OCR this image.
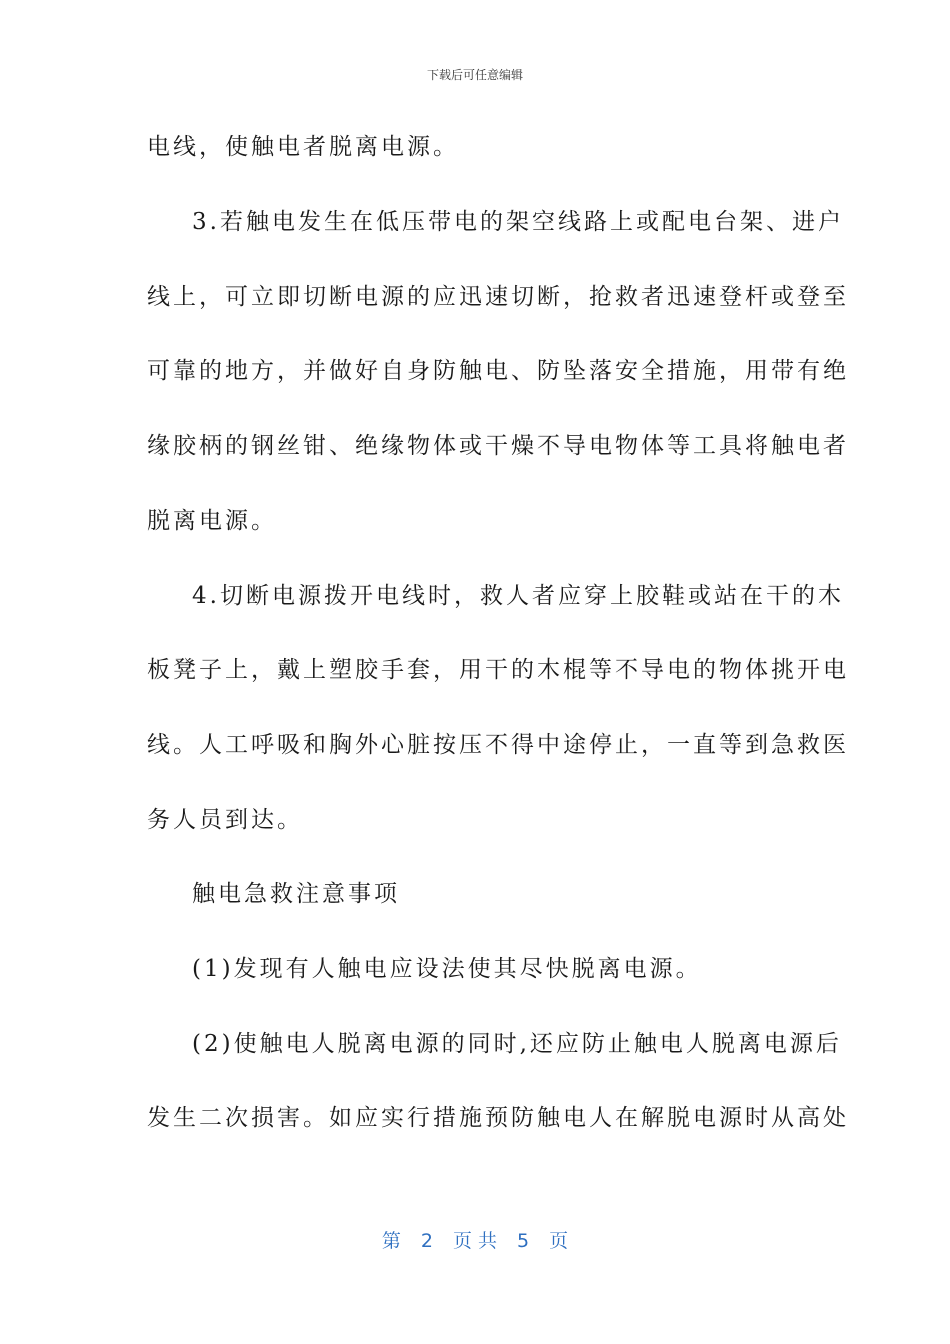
下载后可任意编辑
电线，使触电者脱离电源。
3.若触电发生在低压带电的架空线路上或配电台架、进户
线上，可立即切断电源的应迅速切断，抢救者迅速登杆或登至
可靠的地方，并做好自身防触电、防坠落安全措施，用带有绝
缘胶柄的钢丝钳、绝缘物体或干燥不导电物体等工具将触电者
脱离电源。
4.切断电源拨开电线时，救人者应穿上胶鞋或站在干的木
板凳子上，戴上塑胶手套，用干的木棍等不导电的物体挑开电
线。人工呼吸和胸外心脏按压不得中途停止，一直等到急救医
务人员到达。
触电急救注意事项
(1)发现有人触电应设法使其尽快脱离电源。
(2)使触电人脱离电源的同时,还应防止触电人脱离电源后
发生二次损害。如应实行措施预防触电人在解脱电源时从高处
第 2 页 共 5 页
